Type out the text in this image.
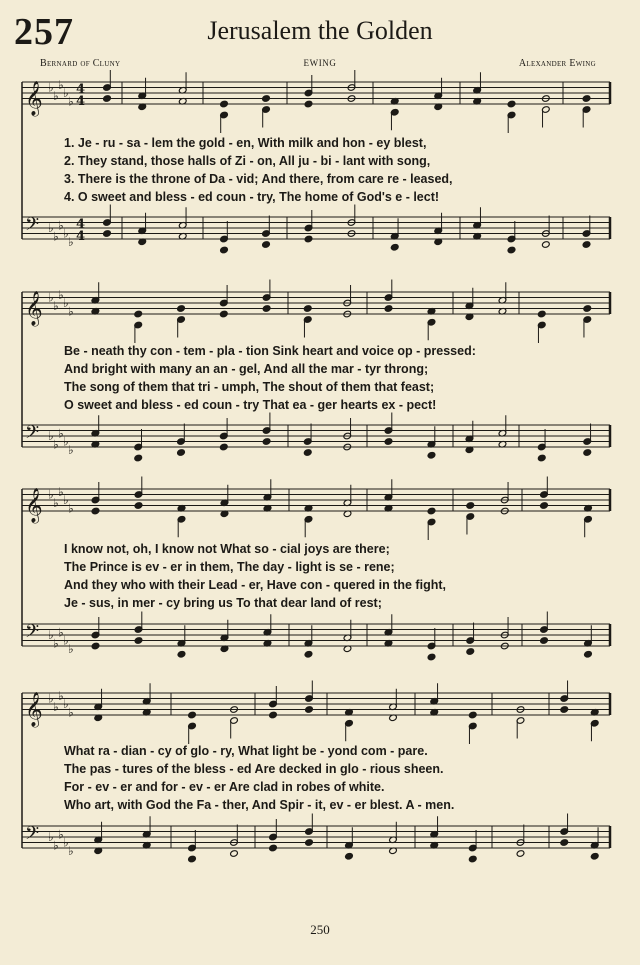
257	Jerusalem the Golden
Bernard of Cluny	EWING	Alexander Ewing
𝄞 ♭
♭
♭
♭
♭
4
4
𝄢 ♭
♭
♭
♭
♭
4
4
1. Je - ru - sa - lem the gold - en, With milk and hon - ey blest,
2. They stand, those halls of Zi - on, All ju - bi - lant with song,
3. There is the throne of Da - vid; And there, from care re - leased,
4. O sweet and bless - ed coun - try, The home of God's e - lect!
𝄞 ♭
♭
♭
♭
♭
𝄢 ♭
♭
♭
♭
♭
Be - neath thy con - tem - pla - tion Sink heart and voice op - pressed:
And bright with many an an - gel, And all the mar - tyr throng;
The song of them that tri - umph, The shout of them that feast;
O sweet and bless - ed coun - try That ea - ger hearts ex - pect!
𝄞 ♭
♭
♭
♭
♭
𝄢 ♭
♭
♭
♭
♭
I know not, oh, I know not What so - cial joys are there;
The Prince is ev - er in them, The day - light is se - rene;
And they who with their Lead - er, Have con - quered in the fight,
Je - sus, in mer - cy bring us To that dear land of rest;
𝄞 ♭
♭
♭
♭
♭
𝄢 ♭
♭
♭
♭
♭
What ra - dian - cy of glo - ry, What light be - yond com - pare.
The pas - tures of the bless - ed Are decked in glo - rious sheen.
For - ev - er and for - ev - er Are clad in robes of white.
Who art, with God the Fa - ther, And Spir - it, ev - er blest. A - men.
250
